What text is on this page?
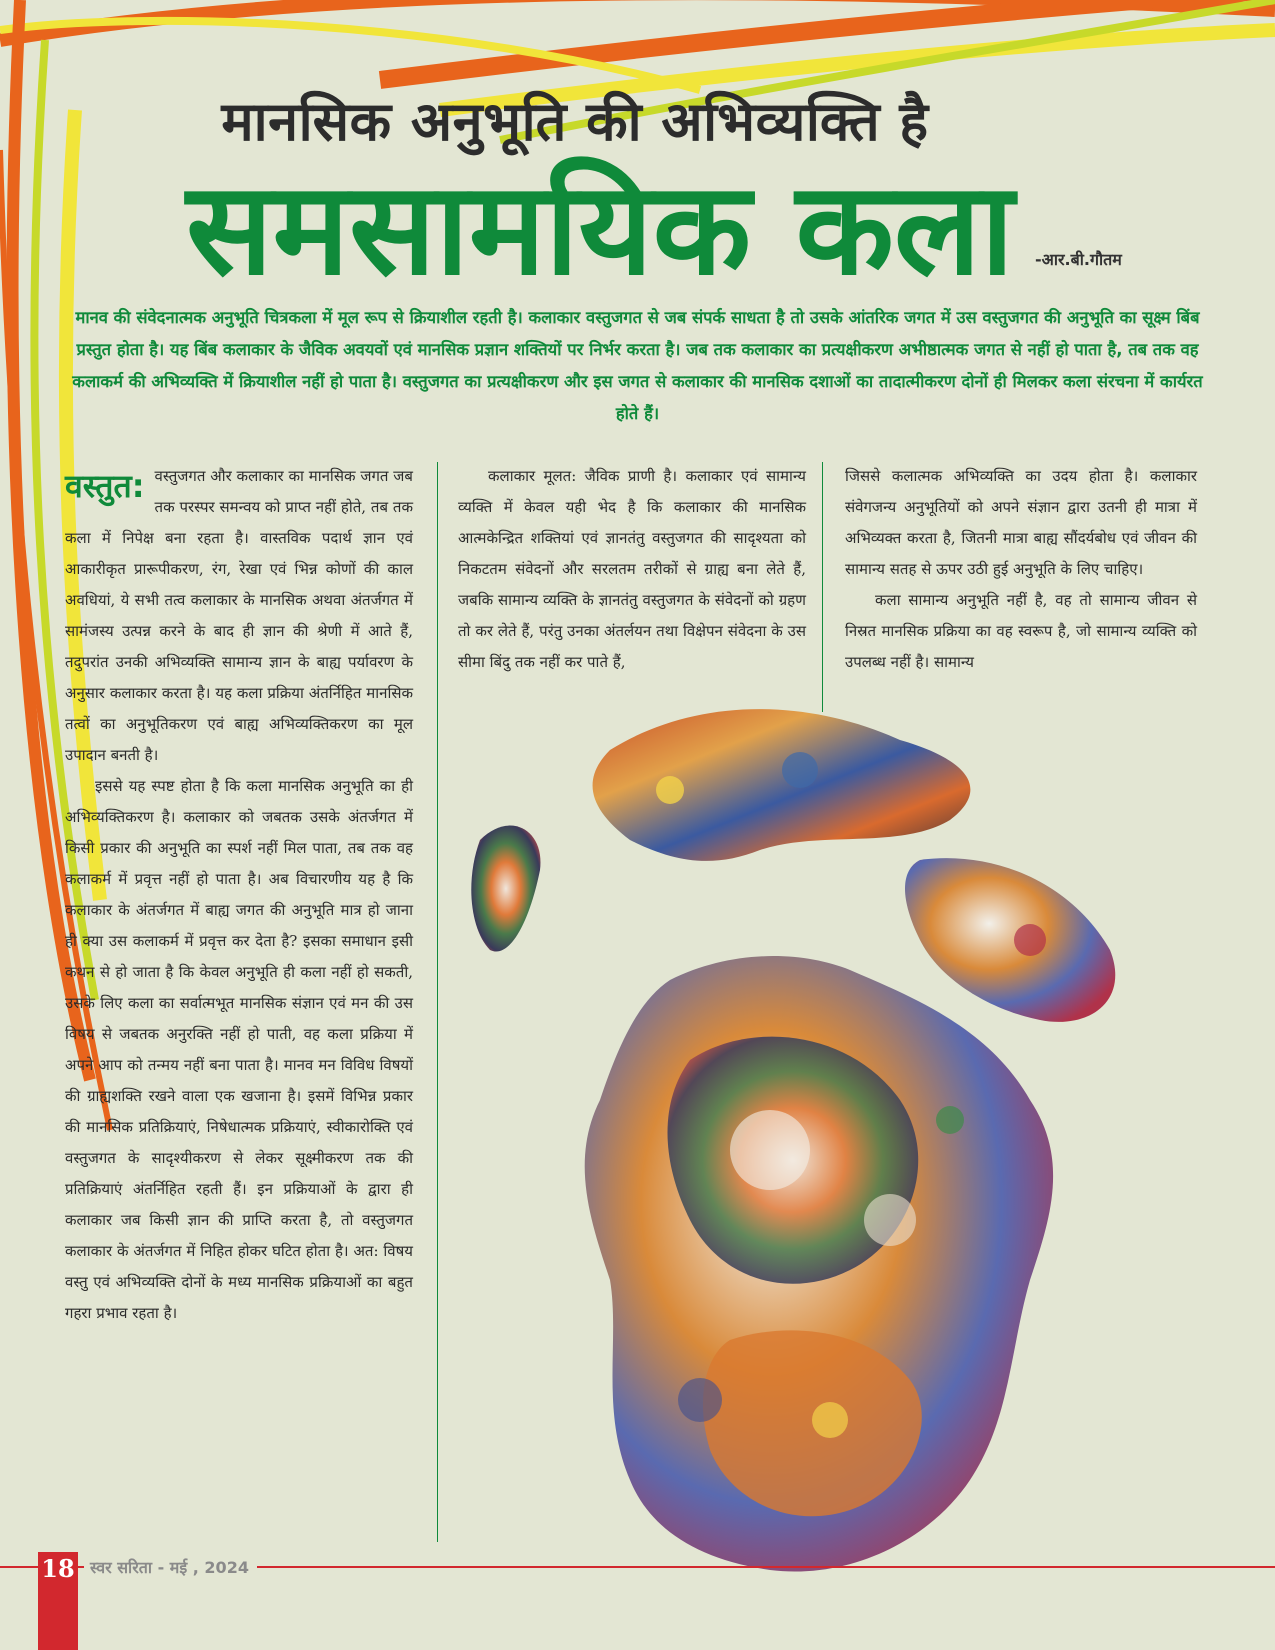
मानसिक अनुभूति की अभिव्यक्ति है
समसामयिक कला	-आर.बी.गौतम

मानव की संवेदनात्मक अनुभूति चित्रकला में मूल रूप से क्रियाशील रहती है। कलाकार वस्तुजगत से जब संपर्क साधता है तो उसके आंतरिक जगत में उस वस्तुजगत की अनुभूति का सूक्ष्म बिंब प्रस्तुत होता है। यह बिंब कलाकार के जैविक अवयवों एवं मानसिक प्रज्ञान शक्तियों पर निर्भर करता है। जब तक कलाकार का प्रत्यक्षीकरण अभीष्ठात्मक जगत से नहीं हो पाता है, तब तक वह कलाकर्म की अभिव्यक्ति में क्रियाशील नहीं हो पाता है। वस्तुजगत का प्रत्यक्षीकरण और इस जगत से कलाकार की मानसिक दशाओं का तादात्मीकरण दोनों ही मिलकर कला संरचना में कार्यरत होते हैं।

वस्तुत: वस्तुजगत और कलाकार का मानसिक जगत जब तक परस्पर समन्वय को प्राप्त नहीं होते, तब तक कला में निपेक्ष बना रहता है। वास्तविक पदार्थ ज्ञान एवं आकारीकृत प्रारूपीकरण, रंग, रेखा एवं भिन्न कोणों की काल अवधियां, ये सभी तत्व कलाकार के मानसिक अथवा अंतर्जगत में सामंजस्य उत्पन्न करने के बाद ही ज्ञान की श्रेणी में आते हैं, तदुपरांत उनकी अभिव्यक्ति सामान्य ज्ञान के बाह्य पर्यावरण के अनुसार कलाकार करता है। यह कला प्रक्रिया अंतर्निहित मानसिक तत्वों का अनुभूतिकरण एवं बाह्य अभिव्यक्तिकरण का मूल उपादान बनती है।

इससे यह स्पष्ट होता है कि कला मानसिक अनुभूति का ही अभिव्यक्तिकरण है। कलाकार को जबतक उसके अंतर्जगत में किसी प्रकार की अनुभूति का स्पर्श नहीं मिल पाता, तब तक वह कलाकर्म में प्रवृत्त नहीं हो पाता है। अब विचारणीय यह है कि कलाकार के अंतर्जगत में बाह्य जगत की अनुभूति मात्र हो जाना ही क्या उस कलाकर्म में प्रवृत्त कर देता है? इसका समाधान इसी कथन से हो जाता है कि केवल अनुभूति ही कला नहीं हो सकती, उसके लिए कला का सर्वात्मभूत मानसिक संज्ञान एवं मन की उस विषय से जबतक अनुरक्ति नहीं हो पाती, वह कला प्रक्रिया में अपने आप को तन्मय नहीं बना पाता है। मानव मन विविध विषयों की ग्राह्यशक्ति रखने वाला एक खजाना है। इसमें विभिन्न प्रकार की मानसिक प्रतिक्रियाएं, निषेधात्मक प्रक्रियाएं, स्वीकारोक्ति एवं वस्तुजगत के सादृश्यीकरण से लेकर सूक्ष्मीकरण तक की प्रतिक्रियाएं अंतर्निहित रहती हैं। इन प्रक्रियाओं के द्वारा ही कलाकार जब किसी ज्ञान की प्राप्ति करता है, तो वस्तुजगत कलाकार के अंतर्जगत में निहित होकर घटित होता है। अत: विषय वस्तु एवं अभिव्यक्ति दोनों के मध्य मानसिक प्रक्रियाओं का बहुत गहरा प्रभाव रहता है।

कलाकार मूलत: जैविक प्राणी है। कलाकार एवं सामान्य व्यक्ति में केवल यही भेद है कि कलाकार की मानसिक आत्मकेन्द्रित शक्तियां एवं ज्ञानतंतु वस्तुजगत की सादृश्यता को निकटतम संवेदनों और सरलतम तरीकों से ग्राह्य बना लेते हैं, जबकि सामान्य व्यक्ति के ज्ञानतंतु वस्तुजगत के संवेदनों को ग्रहण तो कर लेते हैं, परंतु उनका अंतर्लयन तथा विक्षेपन संवेदना के उस सीमा बिंदु तक नहीं कर पाते हैं,

जिससे कलात्मक अभिव्यक्ति का उदय होता है। कलाकार संवेगजन्य अनुभूतियों को अपने संज्ञान द्वारा उतनी ही मात्रा में अभिव्यक्त करता है, जितनी मात्रा बाह्य सौंदर्यबोध एवं जीवन की सामान्य सतह से ऊपर उठी हुई अनुभूति के लिए चाहिए।

कला सामान्य अनुभूति नहीं है, वह तो सामान्य जीवन से निस्रत मानसिक प्रक्रिया का वह स्वरूप है, जो सामान्य व्यक्ति को उपलब्ध नहीं है। सामान्य

18 स्वर सरिता - मई , 2024
